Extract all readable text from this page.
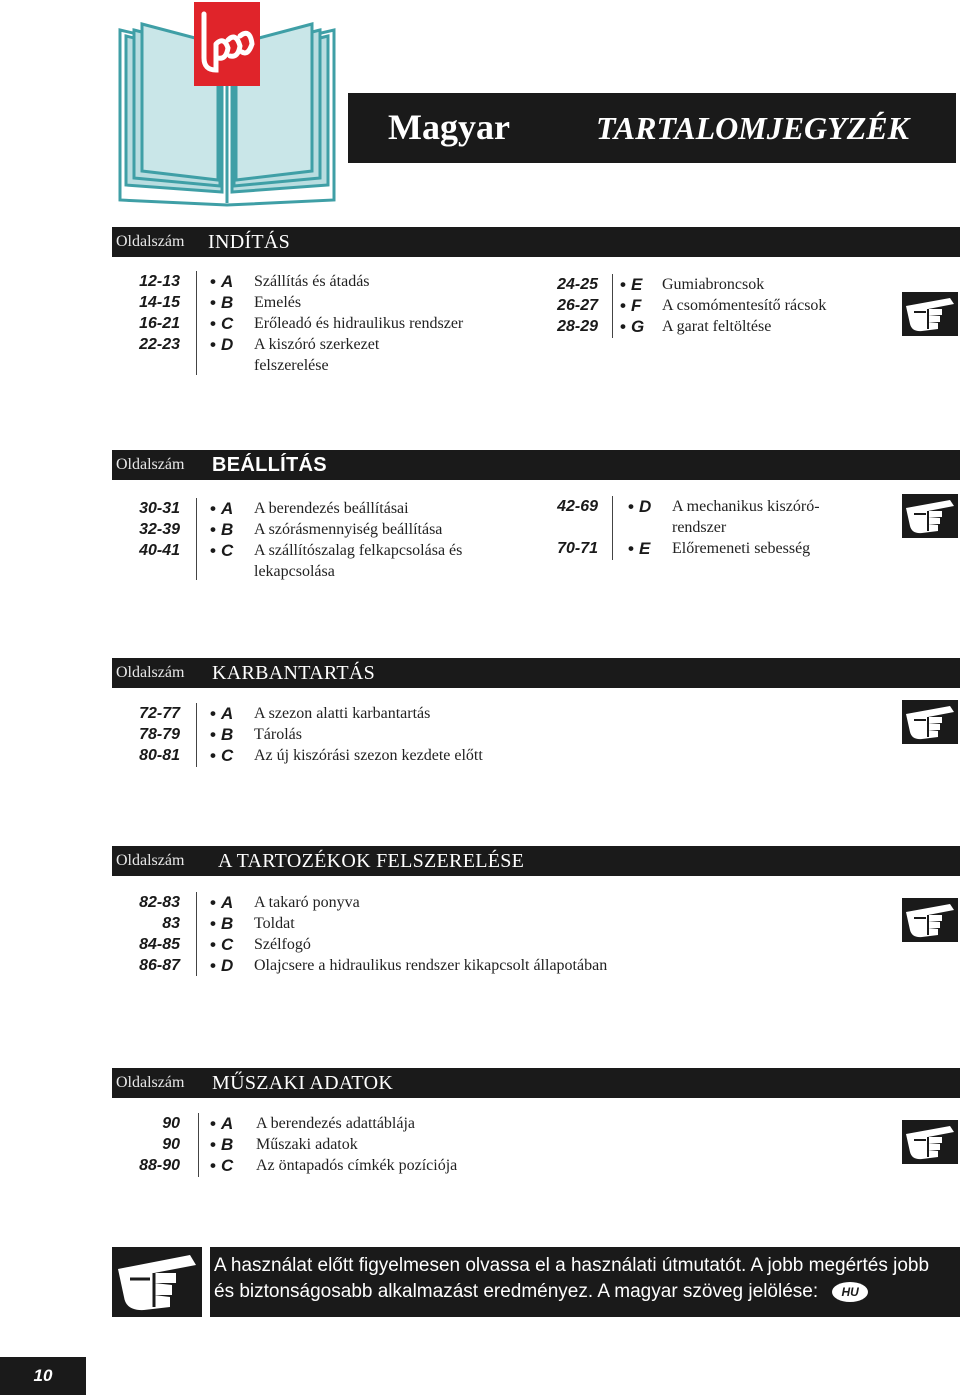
Magyar	TARTALOMJEGYZÉK
Oldalszám INDÍTÁS
12-13
14-15
16-21
22-23
• A
• B
• C
• D
Szállítás és átadás
Emelés
Erőleadó és hidraulikus rendszer
A kiszóró szerkezet
felszerelése
24-25
26-27
28-29
• E
• F
• G
Gumiabroncsok
A csomómentesítő rácsok
A garat feltöltése
Oldalszám BEÁLLÍTÁS
30-31
32-39
40-41
• A
• B
• C
A berendezés beállításai
A szórásmennyiség beállítása
A szállítószalag felkapcsolása és
lekapcsolása
42-69
70-71
• D
• E
A mechanikus kiszóró-
rendszer
Előremeneti sebesség
Oldalszám KARBANTARTÁS
72-77
78-79
80-81
• A
• B
• C
A szezon alatti karbantartás
Tárolás
Az új kiszórási szezon kezdete előtt
Oldalszám A TARTOZÉKOK FELSZERELÉSE
82-83
83
84-85
86-87
• A
• B
• C
• D
A takaró ponyva
Toldat
Szélfogó
Olajcsere a hidraulikus rendszer kikapcsolt állapotában
Oldalszám MŰSZAKI ADATOK
90
90
88-90
• A
• B
• C
A berendezés adattáblája
Műszaki adatok
Az öntapadós címkék pozíciója
A használat előtt figyelmesen olvassa el a használati útmutatót. A jobb megértés jobb és biztonságosabb alkalmazást eredményez. A magyar szöveg jelölése: HU
10
